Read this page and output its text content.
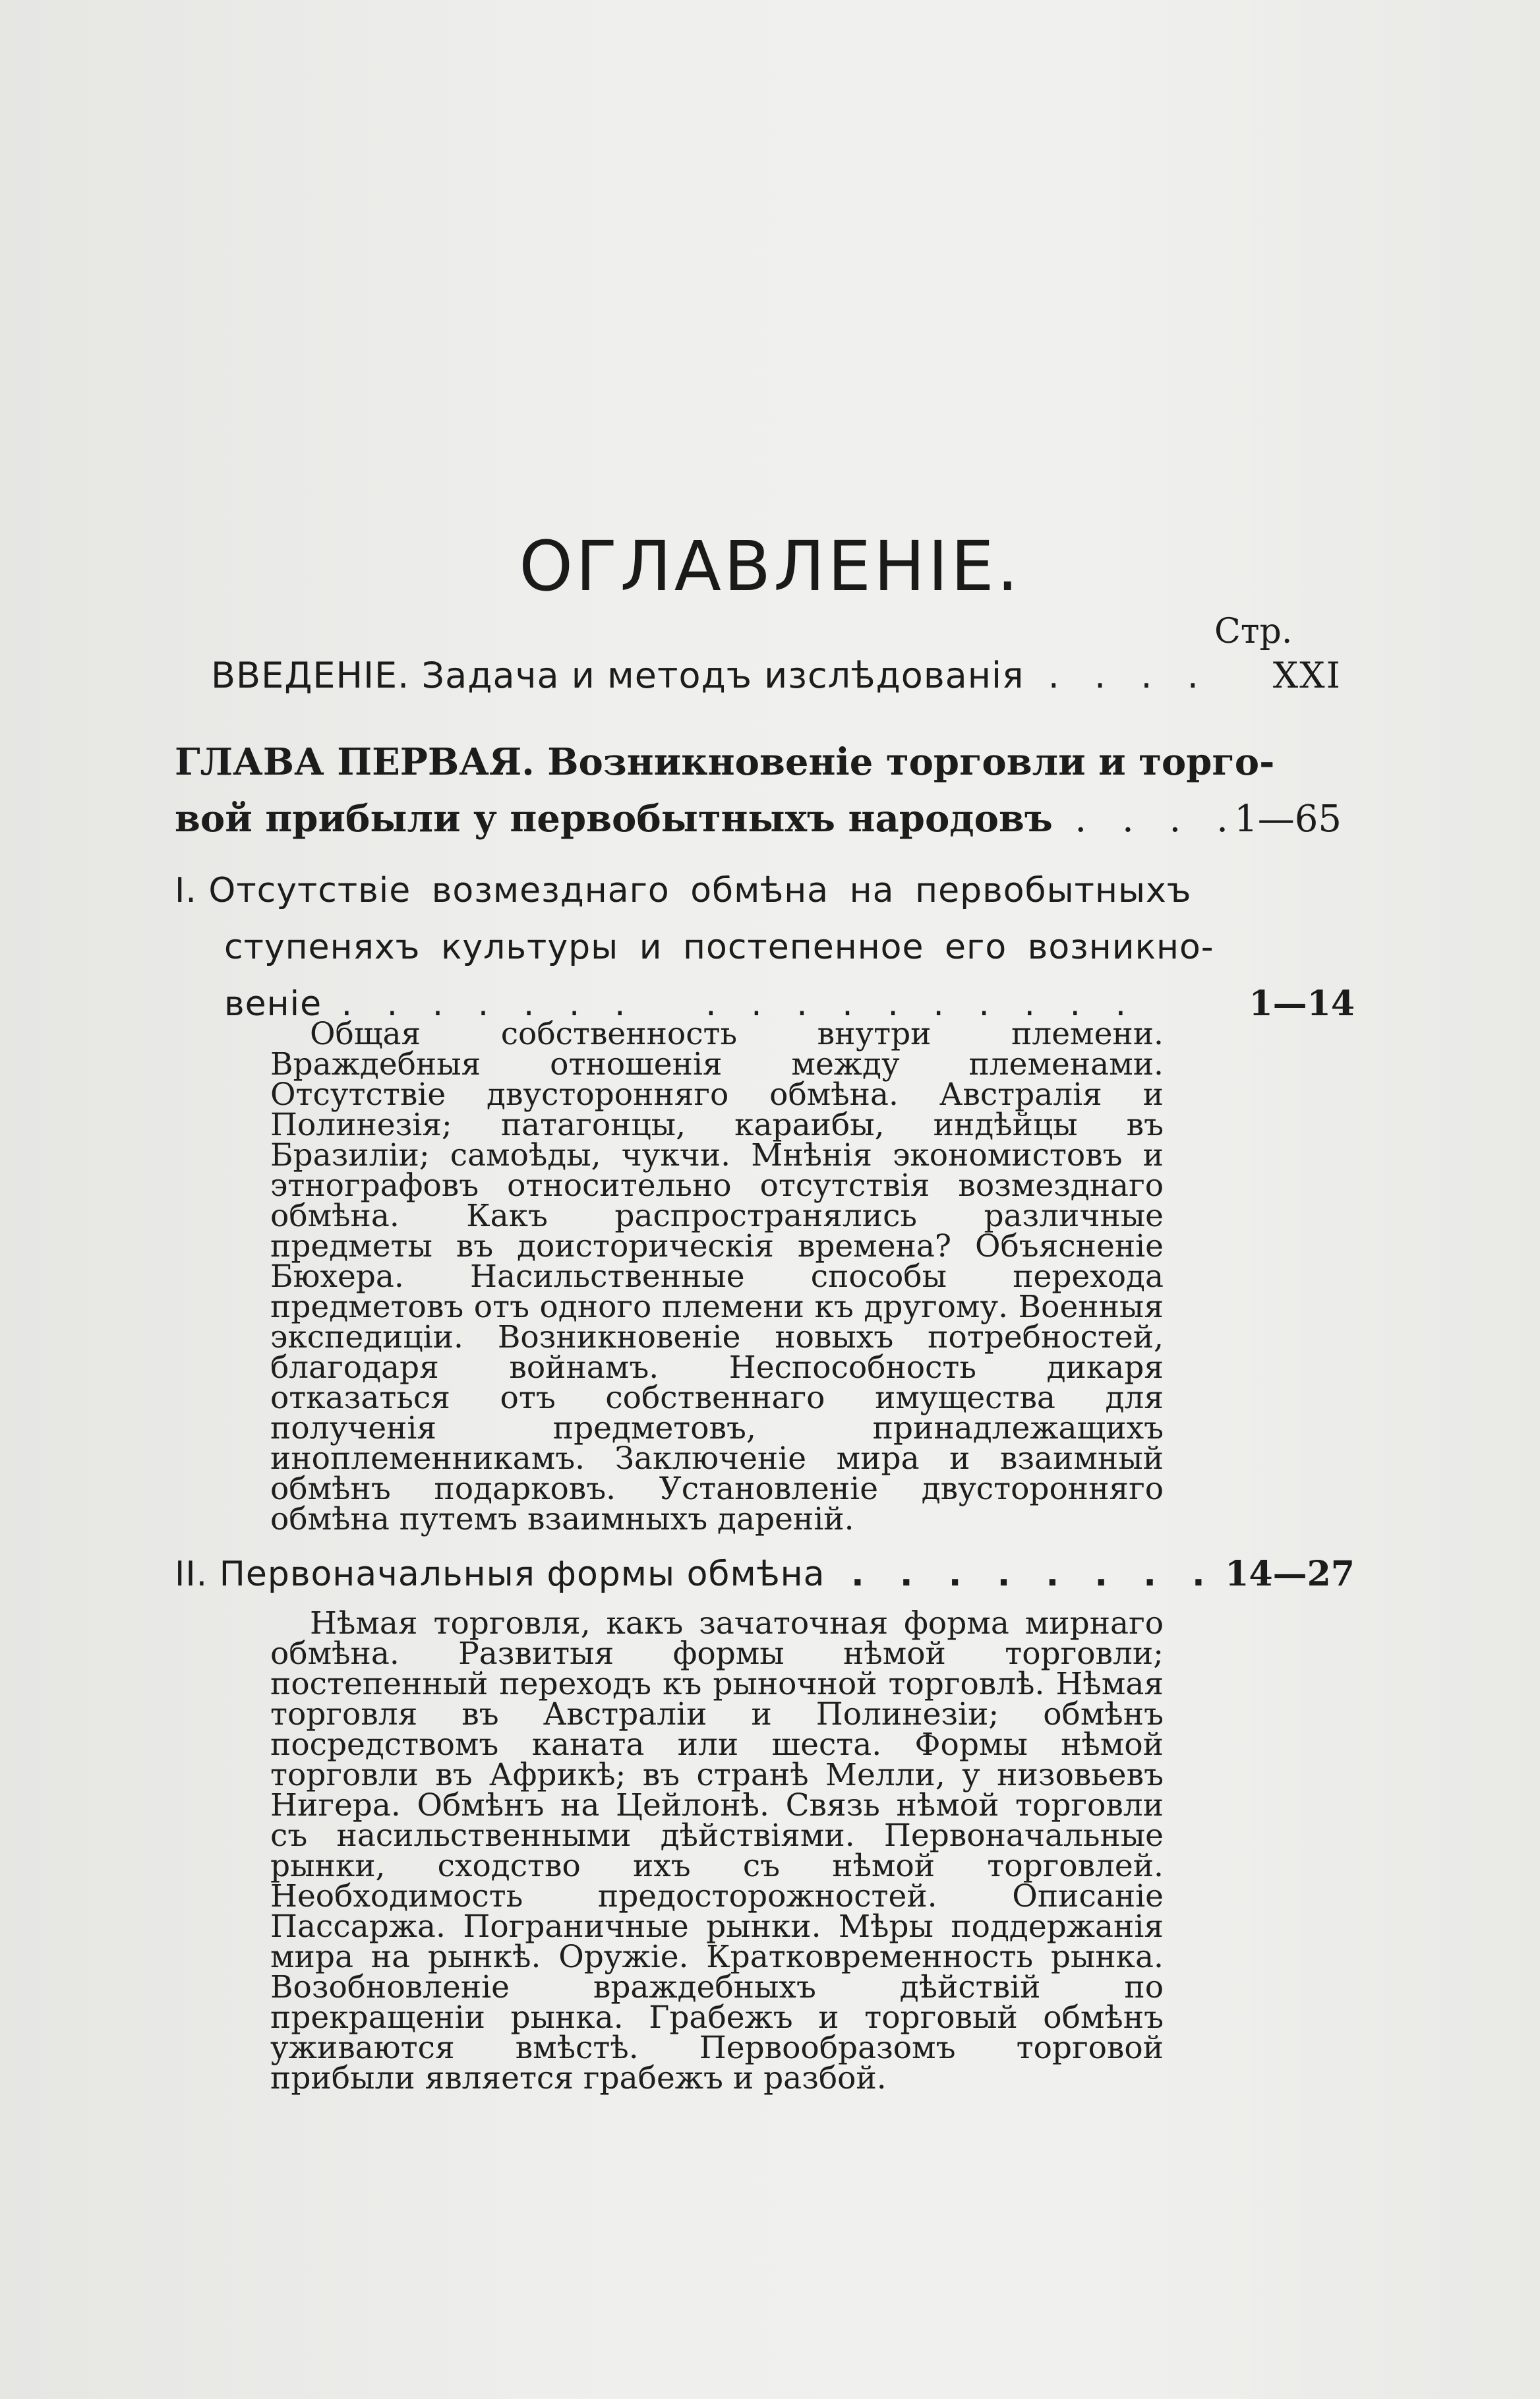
ОГЛАВЛЕНІЕ.
Стр.
ВВЕДЕНІЕ. Задача и методъ изслѣдованія . . . . XXI
ГЛАВА ПЕРВАЯ. Возникновеніе торговли и торго-
вой прибыли у первобытныхъ народовъ . . . .
1—65
I. Отсутствіе возмезднаго обмѣна на первобытныхъ
ступеняхъ культуры и постепенное его возникно-
веніе . . . . . . .   . . . . . . . . . .	1—14

Общая собственность внутри племени. Враждебныя отношенія между племенами. Отсутствіе двусторонняго обмѣна. Австралія и Полинезія; патагонцы, караибы, индѣйцы въ Бразиліи; самоѣды, чукчи. Мнѣнія экономистовъ и этнографовъ относительно отсутствія возмезднаго обмѣна. Какъ распространялись различные предметы въ доисторическія времена? Объясненіе Бюхера. Насильственные способы перехода предметовъ отъ одного племени къ другому. Военныя экспедиціи. Возникновеніе новыхъ потребностей, благодаря войнамъ. Неспособность дикаря отказаться отъ собственнаго имущества для полученія предметовъ, принадлежащихъ иноплеменникамъ. Заключеніе мира и взаимный обмѣнъ подарковъ. Установленіе двусторонняго обмѣна путемъ взаимныхъ дареній.

II. Первоначальныя формы обмѣна . . . . . . . . 14—27

Нѣмая торговля, какъ зачаточная форма мирнаго обмѣна. Развитыя формы нѣмой торговли; постепенный переходъ къ рыночной торговлѣ. Нѣмая торговля въ Австраліи и Полинезіи; обмѣнъ посредствомъ каната или шеста. Формы нѣмой торговли въ Африкѣ; въ странѣ Мелли, у низовьевъ Нигера. Обмѣнъ на Цейлонѣ. Связь нѣмой торговли съ насильственными дѣйствіями. Первоначальные рынки, сходство ихъ съ нѣмой торговлей. Необходимость предосторожностей. Описаніе Пассаржа. Пограничные рынки. Мѣры поддержанія мира на рынкѣ. Оружіе. Кратковременность рынка. Возобновленіе враждебныхъ дѣйствій по прекращеніи рынка. Грабежъ и торговый обмѣнъ уживаются вмѣстѣ. Первообразомъ торговой прибыли является грабежъ и разбой.
